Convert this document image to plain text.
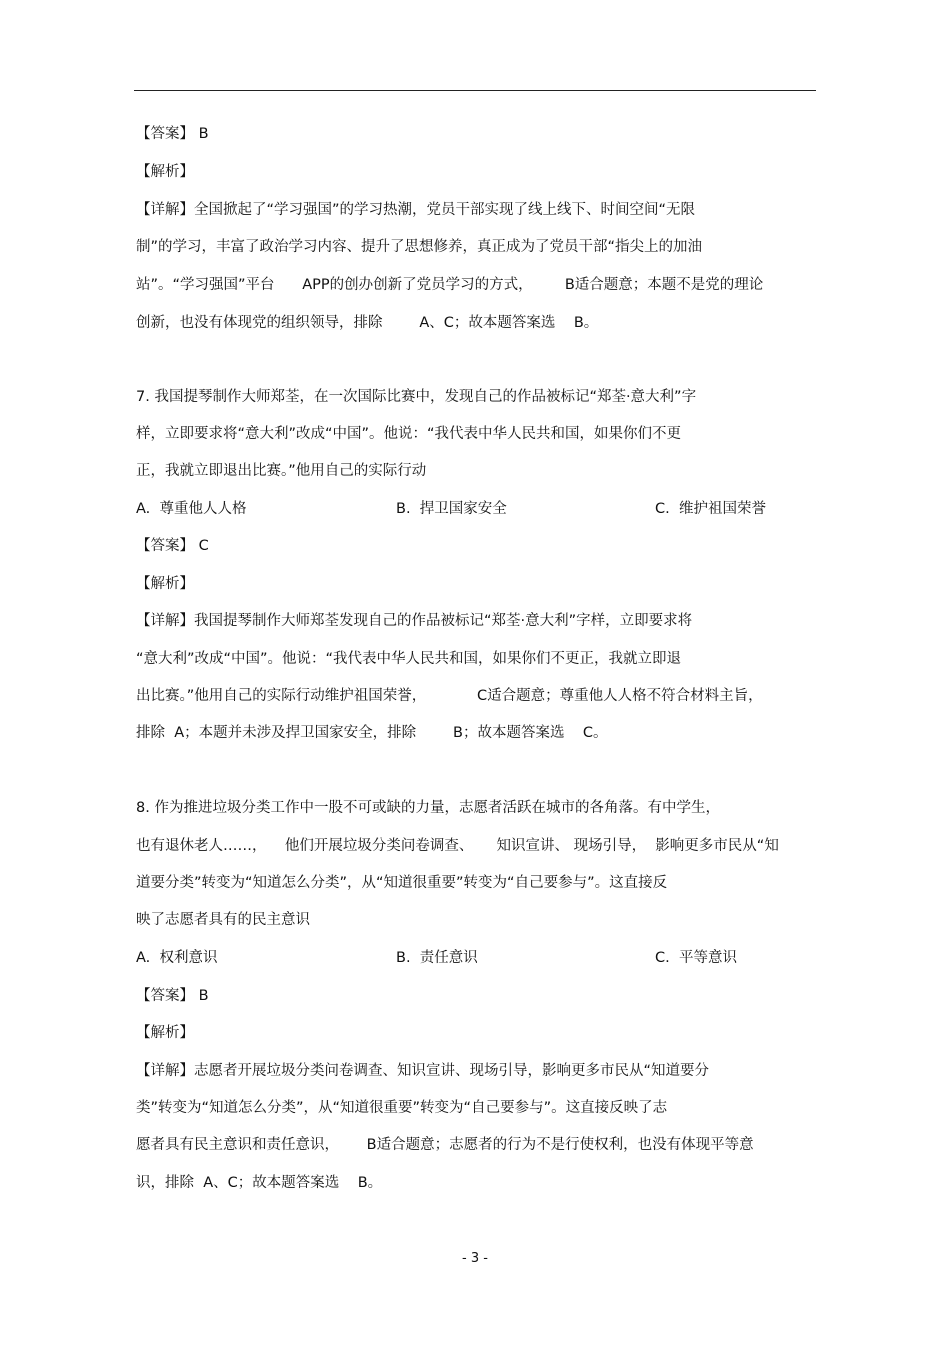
【答案】 B
【解析】
【详解】全国掀起了“学习强国”的学习热潮，党员干部实现了线上线下、时间空间“无限
制”的学习，丰富了政治学习内容、提升了思想修养，真正成为了党员干部“指尖上的加油
站”。“学习强国”平台      APP的创办创新了党员学习的方式，       B适合题意；本题不是党的理论
创新，也没有体现党的组织领导，排除        A、C；故本题答案选    B。
7. 我国提琴制作大师郑荃，在一次国际比赛中，发现自己的作品被标记“郑荃·意大利”字
样，立即要求将“意大利”改成“中国”。他说：“我代表中华人民共和国，如果你们不更
正，我就立即退出比赛。”他用自己的实际行动
A.  尊重他人人格	B.  捍卫国家安全	C.  维护祖国荣誉
【答案】 C
【解析】
【详解】我国提琴制作大师郑荃发现自己的作品被标记“郑荃·意大利”字样，立即要求将
“意大利”改成“中国”。他说：“我代表中华人民共和国，如果你们不更正，我就立即退
出比赛。”他用自己的实际行动维护祖国荣誉，           C适合题意；尊重他人人格不符合材料主旨，
排除  A；本题并未涉及捍卫国家安全，排除        B；故本题答案选    C。
8. 作为推进垃圾分类工作中一股不可或缺的力量，志愿者活跃在城市的各角落。有中学生，
也有退休老人……，    他们开展垃圾分类问卷调查、     知识宣讲、 现场引导，  影响更多市民从“知
道要分类”转变为“知道怎么分类”，从“知道很重要”转变为“自己要参与”。这直接反
映了志愿者具有的民主意识
A.  权利意识	B.  责任意识	C.  平等意识
【答案】 B
【解析】
【详解】志愿者开展垃圾分类问卷调查、知识宣讲、现场引导，影响更多市民从“知道要分
类”转变为“知道怎么分类”，从“知道很重要”转变为“自己要参与”。这直接反映了志
愿者具有民主意识和责任意识，      B适合题意；志愿者的行为不是行使权利，也没有体现平等意
识，排除  A、C；故本题答案选    B。
- 3 -
